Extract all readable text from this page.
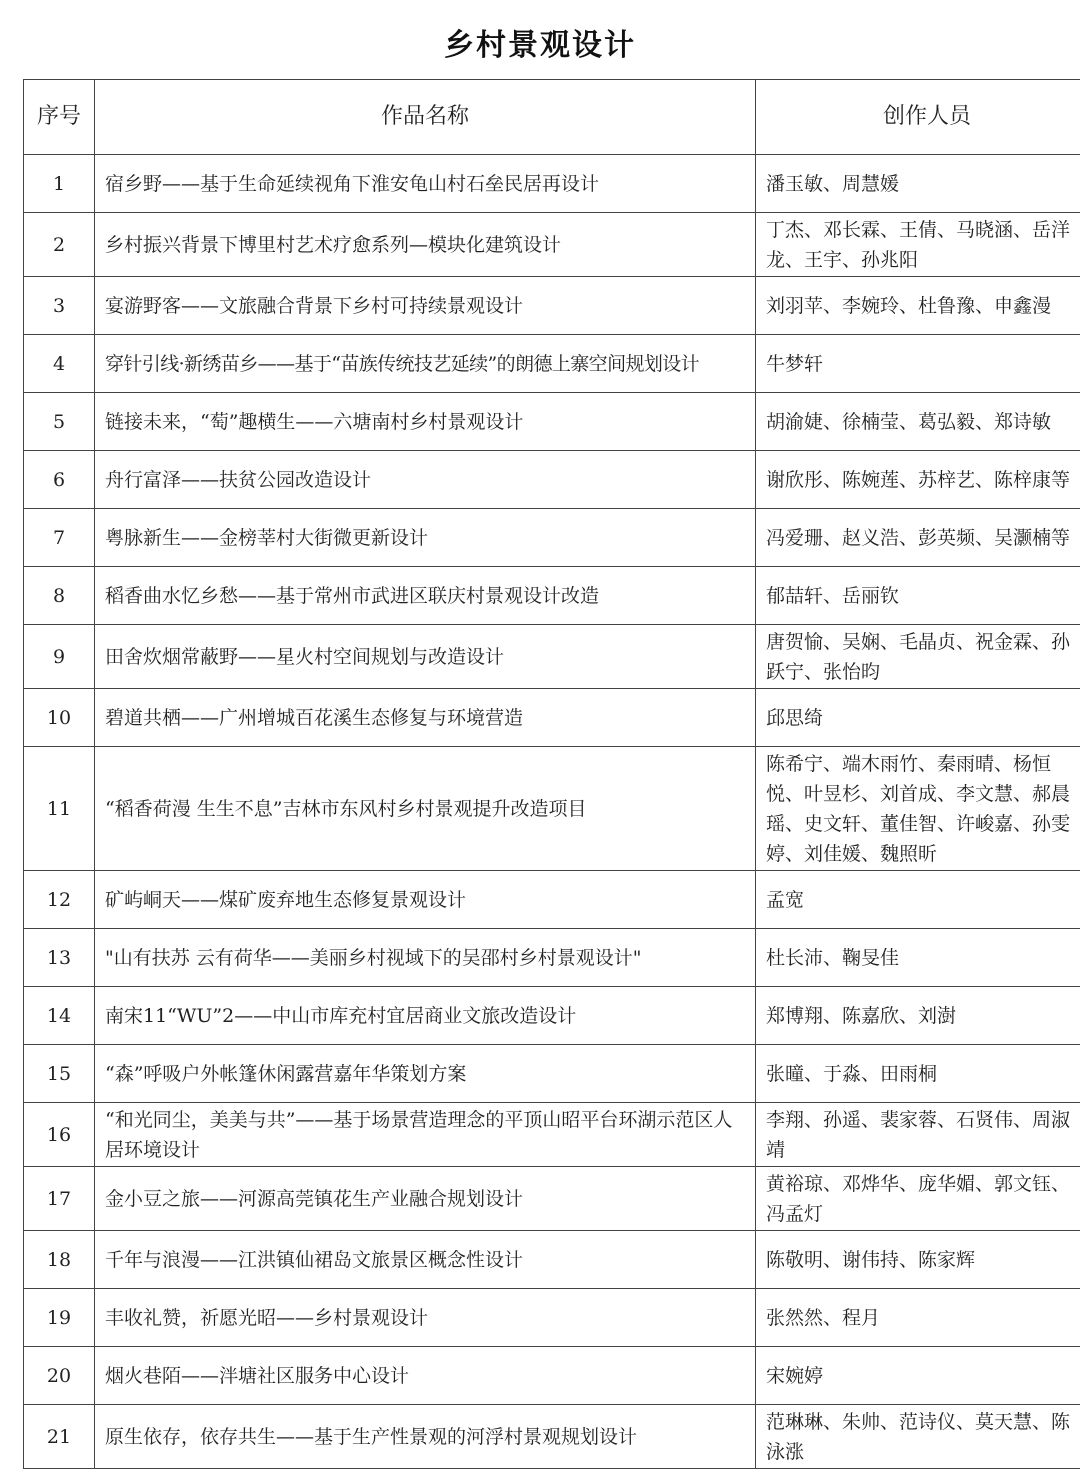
乡村景观设计
序号	作品名称	创作人员
1	宿乡野——基于生命延续视角下淮安龟山村石垒民居再设计	潘玉敏、周慧媛
2	乡村振兴背景下博里村艺术疗愈系列—模块化建筑设计	丁杰、邓长霖、王倩、马晓涵、岳洋龙、王宇、孙兆阳
3	宴游野客——文旅融合背景下乡村可持续景观设计	刘羽苹、李婉玲、杜鲁豫、申鑫漫
4	穿针引线·新绣苗乡——基于“苗族传统技艺延续”的朗德上寨空间规划设计	牛梦轩
5	链接未来，“萄”趣横生——六塘南村乡村景观设计	胡渝婕、徐楠莹、葛弘毅、郑诗敏
6	舟行富泽——扶贫公园改造设计	谢欣彤、陈婉莲、苏梓艺、陈梓康等
7	粤脉新生——金榜莘村大街微更新设计	冯爱珊、赵义浩、彭英频、吴灏楠等
8	稻香曲水忆乡愁——基于常州市武进区联庆村景观设计改造	郁喆轩、岳丽钦
9	田舍炊烟常蔽野——星火村空间规划与改造设计	唐贺愉、吴娴、毛晶贞、祝金霖、孙跃宁、张怡昀
10	碧道共栖——广州增城百花溪生态修复与环境营造	邱思绮
11	“稻香荷漫 生生不息”吉林市东风村乡村景观提升改造项目	陈希宁、端木雨竹、秦雨晴、杨恒悦、叶昱杉、刘首成、李文慧、郝晨瑶、史文轩、董佳智、许峻嘉、孙雯婷、刘佳媛、魏照昕
12	矿屿峒天——煤矿废弃地生态修复景观设计	孟宽
13	"山有扶苏 云有荷华——美丽乡村视域下的吴邵村乡村景观设计"	杜长沛、鞠旻佳
14	南宋11“WU”2——中山市库充村宜居商业文旅改造设计	郑博翔、陈嘉欣、刘澍
15	“森”呼吸户外帐篷休闲露营嘉年华策划方案	张曈、于淼、田雨桐
16	“和光同尘，美美与共”——基于场景营造理念的平顶山昭平台环湖示范区人居环境设计	李翔、孙遥、裴家蓉、石贤伟、周淑靖
17	金小豆之旅——河源高莞镇花生产业融合规划设计	黄裕琼、邓烨华、庞华媚、郭文钰、冯孟灯
18	千年与浪漫——江洪镇仙裙岛文旅景区概念性设计	陈敬明、谢伟持、陈家辉
19	丰收礼赞，祈愿光昭——乡村景观设计	张然然、程月
20	烟火巷陌——泮塘社区服务中心设计	宋婉婷
21	原生依存，依存共生——基于生产性景观的河浮村景观规划设计	范琳琳、朱帅、范诗仪、莫天慧、陈泳涨
